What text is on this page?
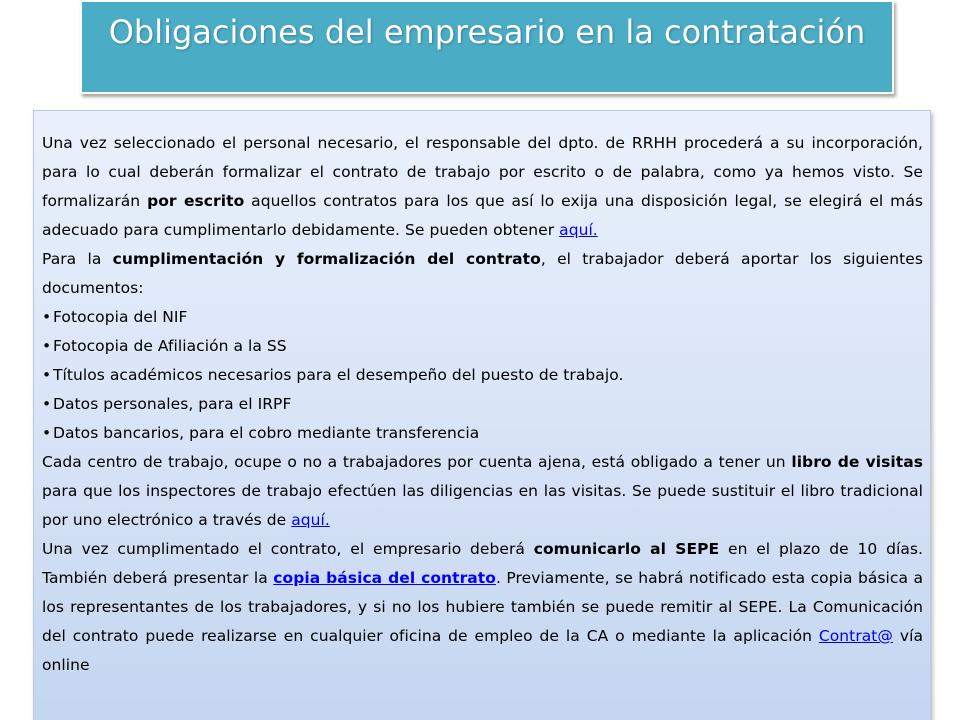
Obligaciones del empresario en la contratación

Una vez seleccionado el personal necesario, el responsable del dpto. de RRHH procederá a su incorporación, para lo cual deberán formalizar el contrato de trabajo por escrito o de palabra, como ya hemos visto. Se formalizarán por escrito aquellos contratos para los que así lo exija una disposición legal, se elegirá el más adecuado para cumplimentarlo debidamente. Se pueden obtener aquí.

Para la cumplimentación y formalización del contrato, el trabajador deberá aportar los siguientes documentos:

• Fotocopia del NIF
• Fotocopia de Afiliación a la SS
• Títulos académicos necesarios para el desempeño del puesto de trabajo.
• Datos personales, para el IRPF
• Datos bancarios, para el cobro mediante transferencia

Cada centro de trabajo, ocupe o no a trabajadores por cuenta ajena, está obligado a tener un libro de visitas para que los inspectores de trabajo efectúen las diligencias en las visitas. Se puede sustituir el libro tradicional por uno electrónico a través de aquí.

Una vez cumplimentado el contrato, el empresario deberá comunicarlo al SEPE en el plazo de 10 días. También deberá presentar la copia básica del contrato. Previamente, se habrá notificado esta copia básica a los representantes de los trabajadores, y si no los hubiere también se puede remitir al SEPE. La Comunicación del contrato puede realizarse en cualquier oficina de empleo de la CA o mediante la aplicación Contrat@ vía online
